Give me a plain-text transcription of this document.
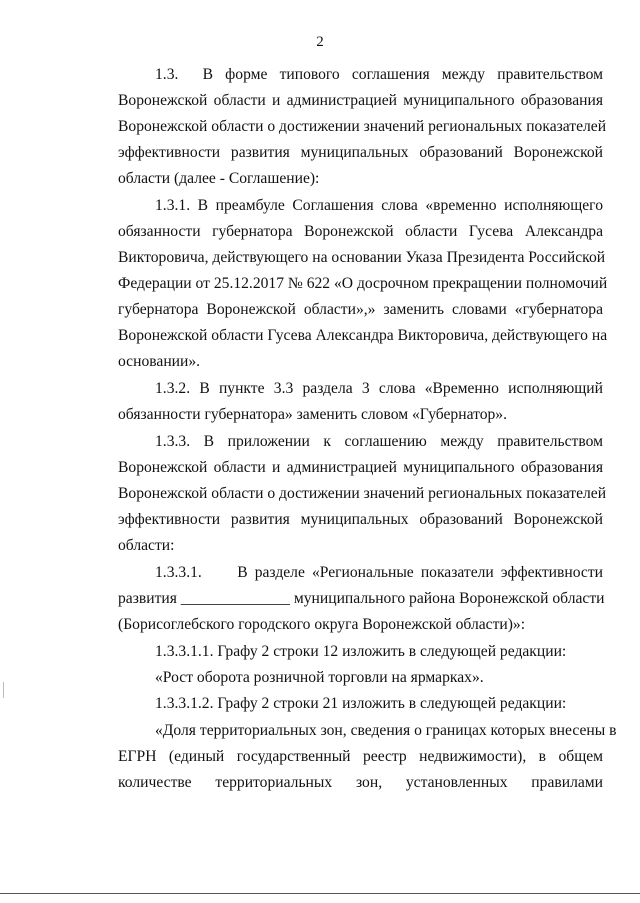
2
1.3.  В форме типового соглашения между правительством
Воронежской области и администрацией муниципального образования
Воронежской области о достижении значений региональных показателей
эффективности развития муниципальных образований Воронежской
области (далее - Соглашение):
1.3.1. В преамбуле Соглашения слова «временно исполняющего
обязанности губернатора Воронежской области Гусева Александра
Викторовича, действующего на основании Указа Президента Российской
Федерации от 25.12.2017 № 622 «О досрочном прекращении полномочий
губернатора Воронежской области»,» заменить словами «губернатора
Воронежской области Гусева Александра Викторовича, действующего на
основании».
1.3.2. В пункте 3.3 раздела 3 слова «Временно исполняющий
обязанности губернатора» заменить словом «Губернатор».
1.3.3. В приложении к соглашению между правительством
Воронежской области и администрацией муниципального образования
Воронежской области о достижении значений региональных показателей
эффективности развития муниципальных образований Воронежской
области:
1.3.3.1.     В разделе «Региональные показатели эффективности
развития ______________ муниципального района Воронежской области
(Борисоглебского городского округа Воронежской области)»:
1.3.3.1.1. Графу 2 строки 12 изложить в следующей редакции:
«Рост оборота розничной торговли на ярмарках».
1.3.3.1.2. Графу 2 строки 21 изложить в следующей редакции:
«Доля территориальных зон, сведения о границах которых внесены в
ЕГРН (единый государственный реестр недвижимости), в общем
количестве территориальных зон, установленных правилами
